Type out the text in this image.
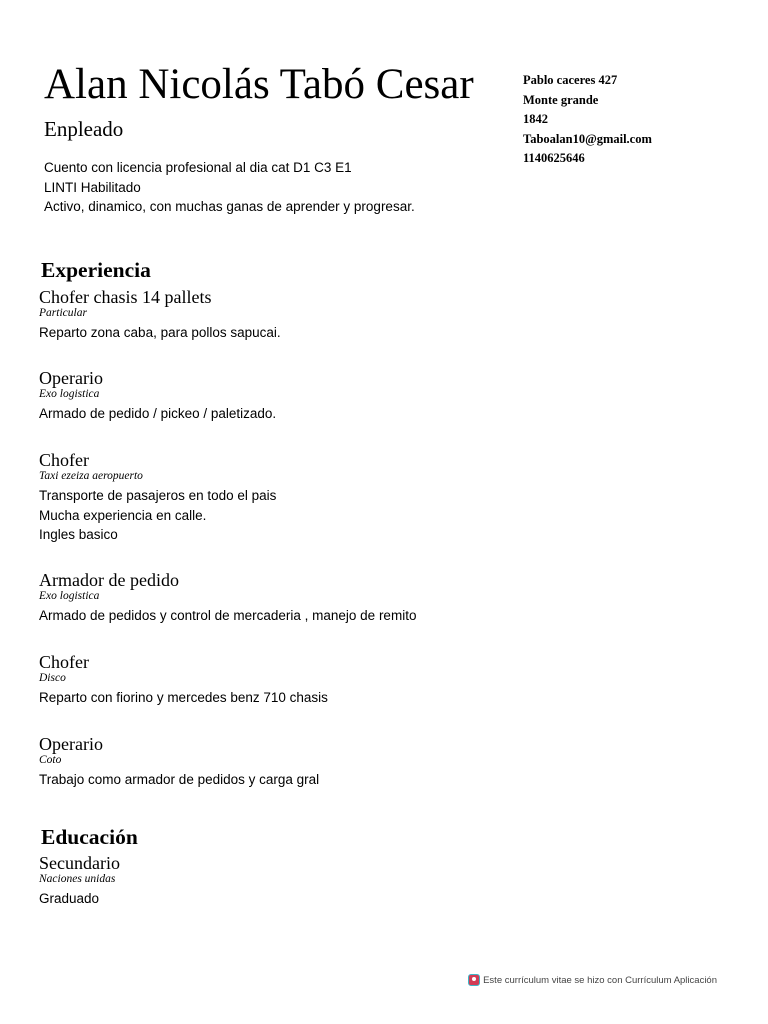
Alan Nicolás Tabó Cesar
Enpleado
Cuento con licencia profesional al dia cat D1 C3 E1
LINTI Habilitado
Activo, dinamico, con muchas ganas de aprender y progresar.
Pablo caceres 427
Monte grande
1842
Taboalan10@gmail.com
1140625646
Experiencia
Chofer chasis 14 pallets
Particular
Reparto zona caba, para pollos sapucai.
Operario
Exo logistica
Armado de pedido / pickeo / paletizado.
Chofer
Taxi ezeiza aeropuerto
Transporte de pasajeros en todo el pais
Mucha experiencia en calle.
Ingles basico
Armador de pedido
Exo logistica
Armado de pedidos y control de mercaderia , manejo de remito
Chofer
Disco
Reparto con fiorino y mercedes benz 710 chasis
Operario
Coto
Trabajo como armador de pedidos y carga gral
Educación
Secundario
Naciones unidas
Graduado
Este currículum vitae se hizo con Currículum Aplicación
